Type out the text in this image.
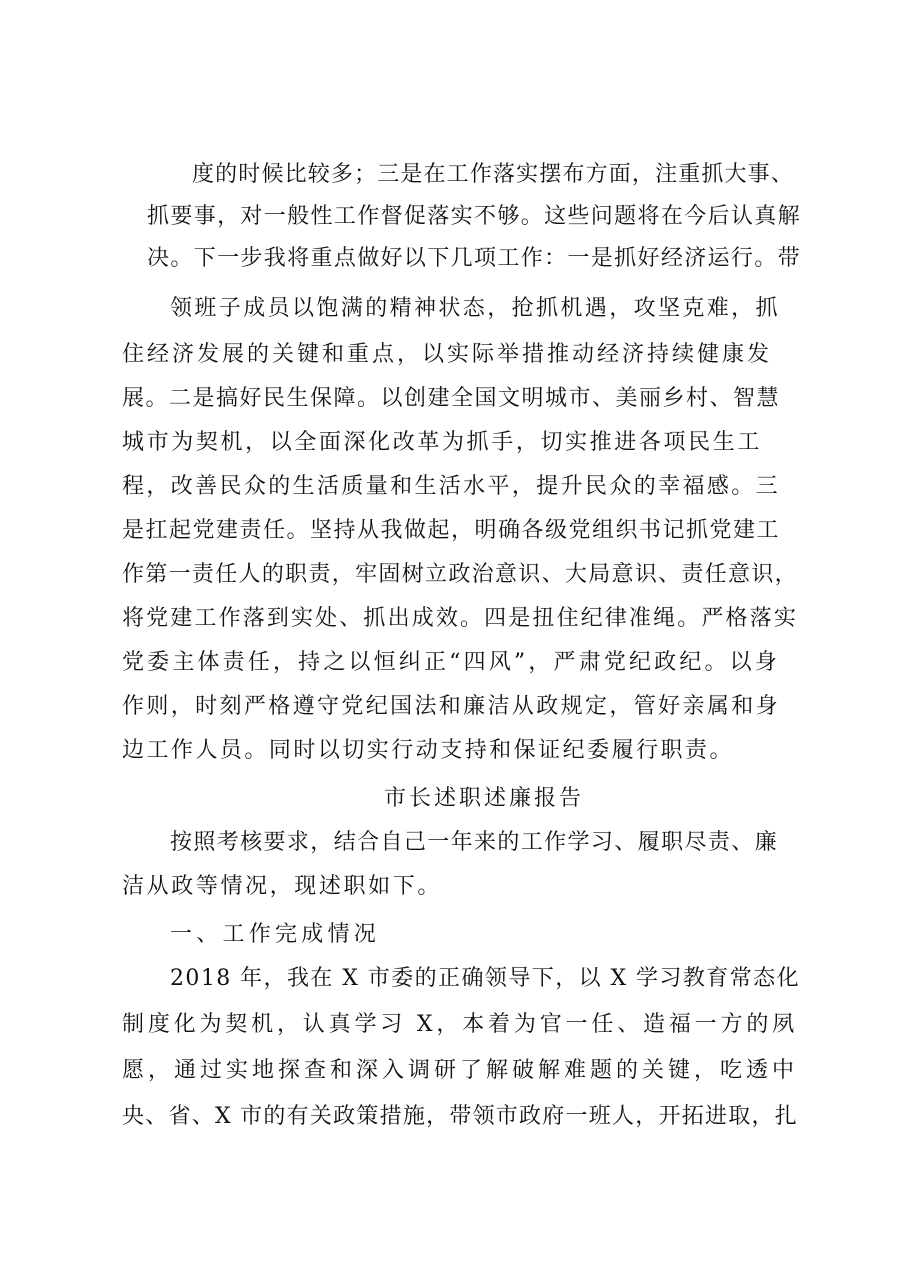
度的时候比较多；三是在工作落实摆布方面，注重抓大事、
抓要事，对一般性工作督促落实不够。这些问题将在今后认真解
决。下一步我将重点做好以下几项工作：一是抓好经济运行。带
领班子成员以饱满的精神状态，抢抓机遇，攻坚克难，抓
住经济发展的关键和重点，以实际举措推动经济持续健康发
展。二是搞好民生保障。以创建全国文明城市、美丽乡村、智慧
城市为契机，以全面深化改革为抓手，切实推进各项民生工
程，改善民众的生活质量和生活水平，提升民众的幸福感。三
是扛起党建责任。坚持从我做起，明确各级党组织书记抓党建工
作第一责任人的职责，牢固树立政治意识、大局意识、责任意识，
将党建工作落到实处、抓出成效。四是扭住纪律准绳。严格落实
党委主体责任，持之以恒纠正“四风”，严肃党纪政纪。以身
作则，时刻严格遵守党纪国法和廉洁从政规定，管好亲属和身
边工作人员。同时以切实行动支持和保证纪委履行职责。
市长述职述廉报告
按照考核要求，结合自己一年来的工作学习、履职尽责、廉
洁从政等情况，现述职如下。
一、工作完成情况
2018 年，我在 X 市委的正确领导下，以 X 学习教育常态化
制度化为契机，认真学习 X，本着为官一任、造福一方的夙
愿，通过实地探查和深入调研了解破解难题的关键，吃透中
央、省、X 市的有关政策措施，带领市政府一班人，开拓进取，扎
